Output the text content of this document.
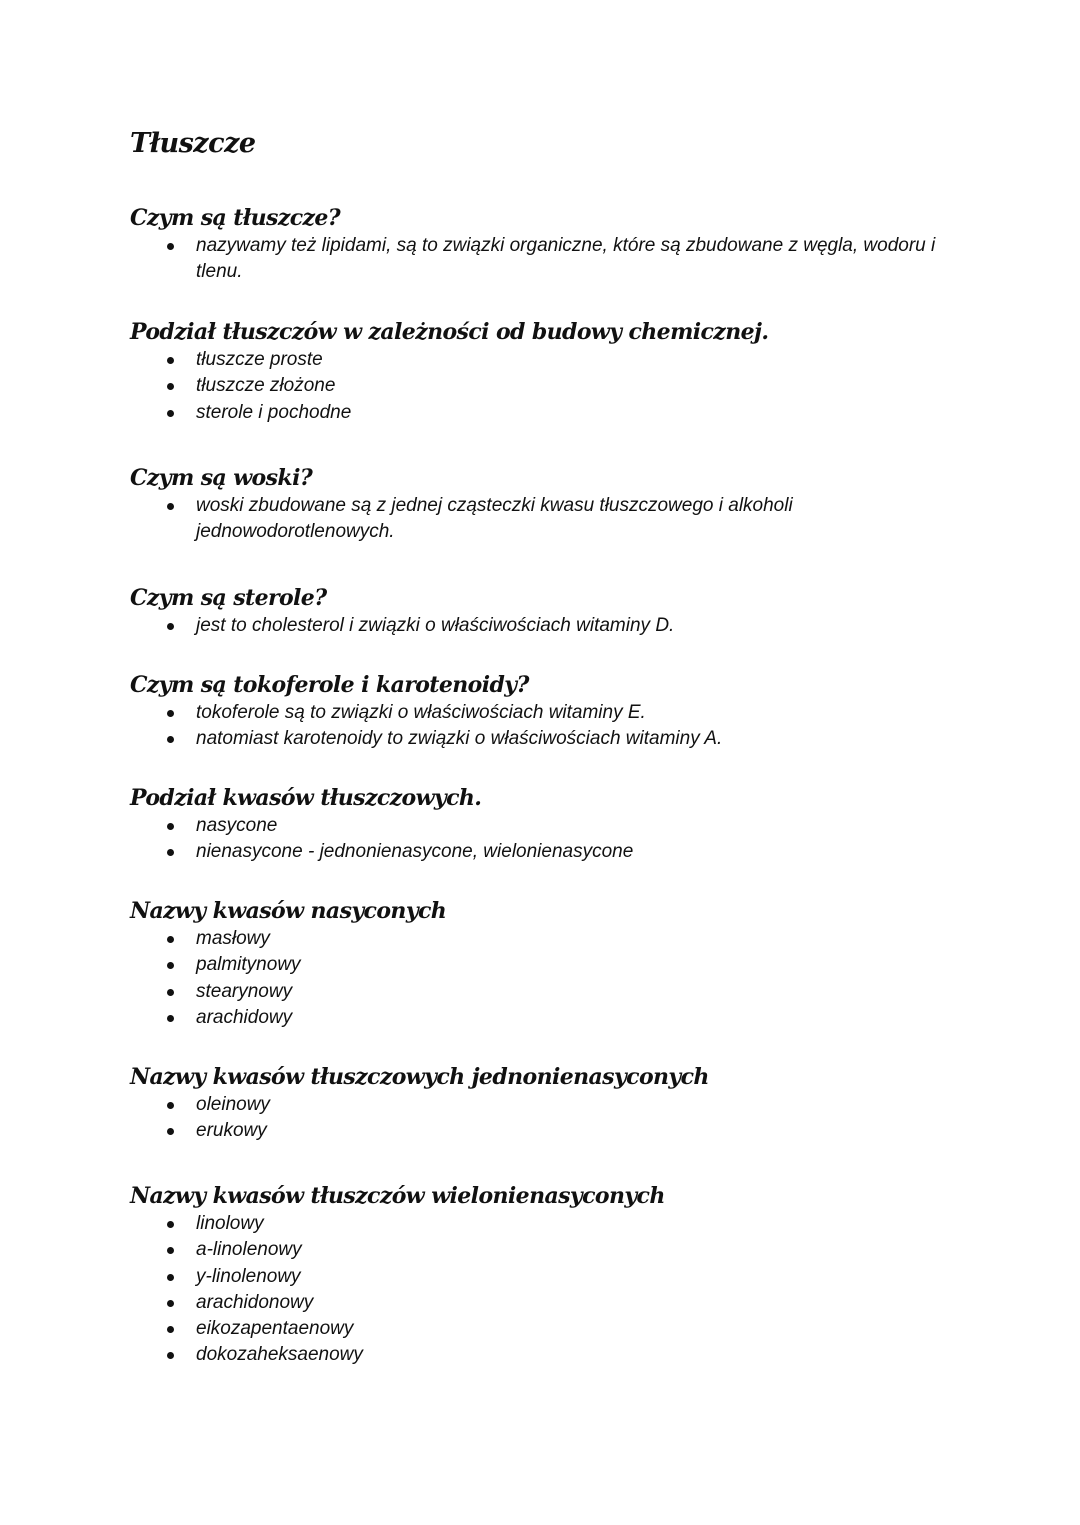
Tłuszcze
Czym są tłuszcze?
nazywamy też lipidami, są to związki organiczne, które są zbudowane z węgla, wodoru i tlenu.
Podział tłuszczów w zależności od budowy chemicznej.
tłuszcze proste
tłuszcze złożone
sterole i pochodne
Czym są woski?
woski zbudowane są z jednej cząsteczki kwasu tłuszczowego i alkoholi jednowodorotlenowych.
Czym są sterole?
jest to cholesterol i związki o właściwościach witaminy D.
Czym są tokoferole i karotenoidy?
tokoferole są to związki o właściwościach witaminy E.
natomiast karotenoidy to związki o właściwościach witaminy A.
Podział kwasów tłuszczowych.
nasycone
nienasycone - jednonienasycone, wielonienasycone
Nazwy kwasów nasyconych
masłowy
palmitynowy
stearynowy
arachidowy
Nazwy kwasów tłuszczowych jednonienasyconych
oleinowy
erukowy
Nazwy kwasów tłuszczów wielonienasyconych
linolowy
a-linolenowy
y-linolenowy
arachidonowy
eikozapentaenowy
dokozaheksaenowy
